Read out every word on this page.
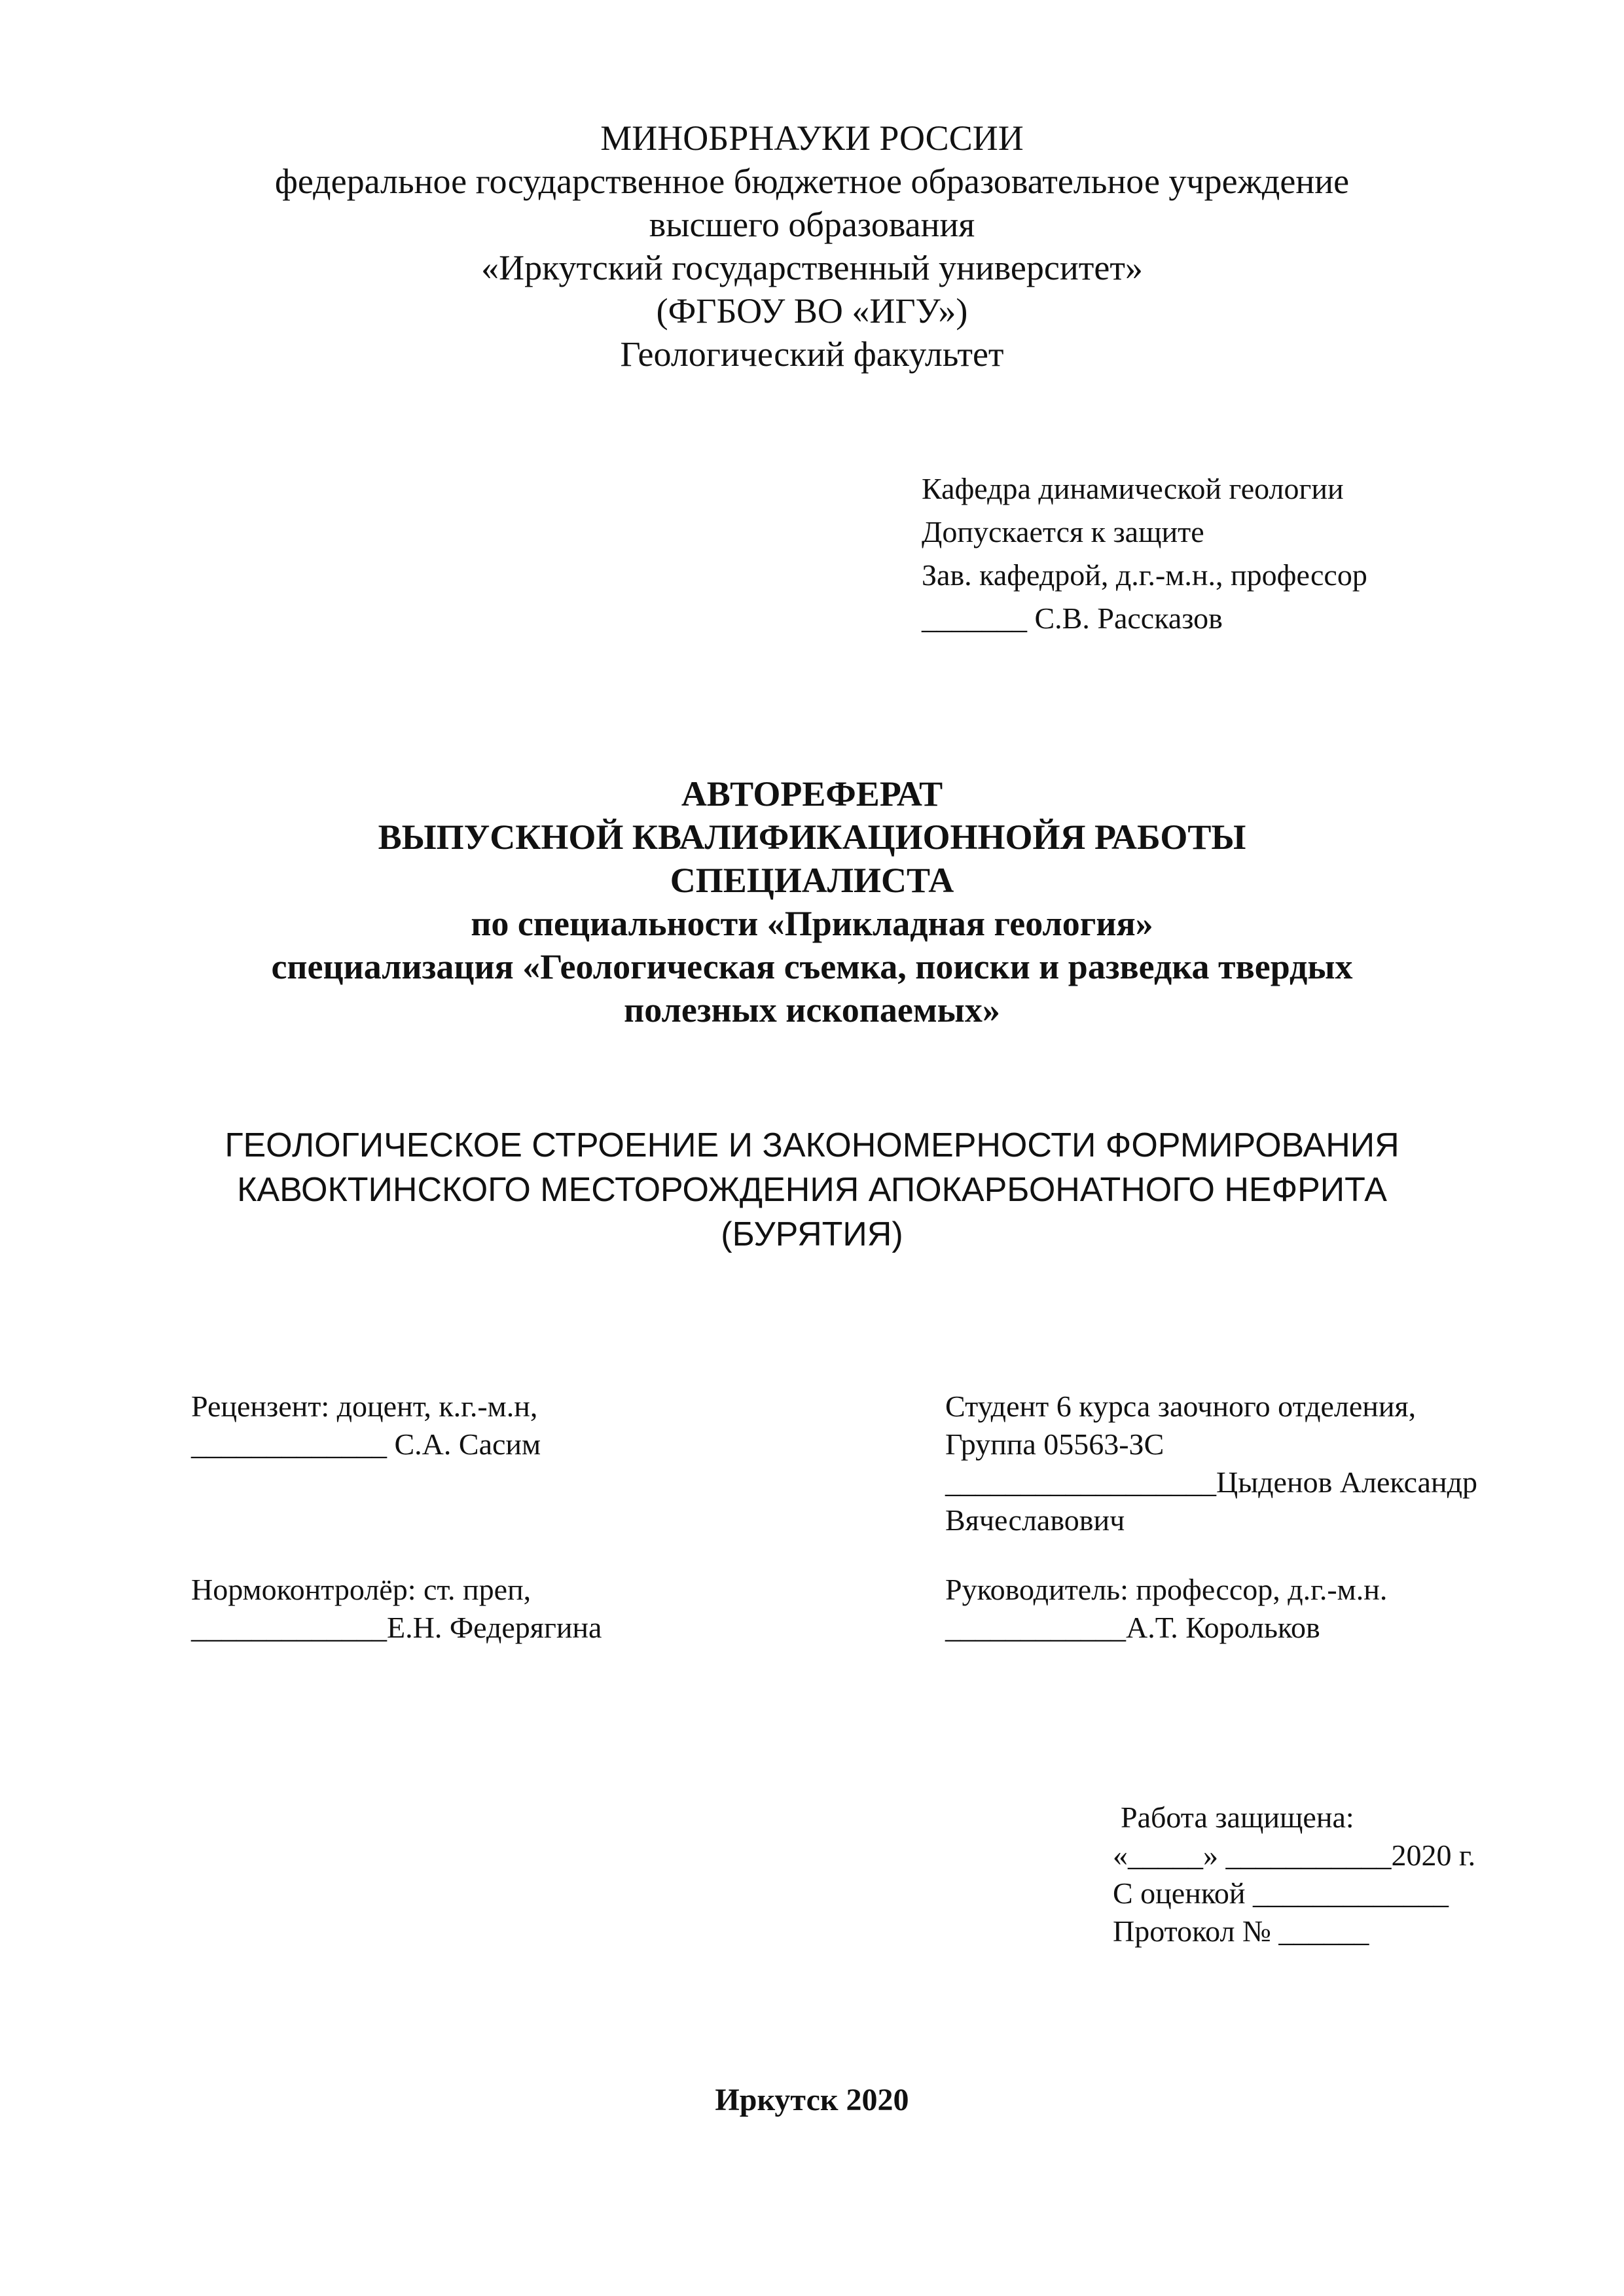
МИНОБРНАУКИ РОССИИ
федеральное государственное бюджетное образовательное учреждение
высшего образования
«Иркутский государственный университет»
(ФГБОУ ВО «ИГУ»)
Геологический факультет
Кафедра динамической геологии
Допускается к защите
Зав. кафедрой, д.г.-м.н., профессор
_______ С.В. Рассказов
АВТОРЕФЕРАТ
ВЫПУСКНОЙ КВАЛИФИКАЦИОННОЙЯ РАБОТЫ
СПЕЦИАЛИСТА
по специальности «Прикладная геология»
специализация «Геологическая съемка, поиски и разведка твердых
полезных ископаемых»
ГЕОЛОГИЧЕСКОЕ СТРОЕНИЕ И ЗАКОНОМЕРНОСТИ ФОРМИРОВАНИЯ
КАВОКТИНСКОГО МЕСТОРОЖДЕНИЯ АПОКАРБОНАТНОГО НЕФРИТА
(БУРЯТИЯ)
Рецензент: доцент, к.г.-м.н,
_____________ С.А. Сасим
Нормоконтролёр: ст. преп,
_____________Е.Н. Федерягина
Студент 6 курса заочного отделения,
Группа 05563-ЗС
__________________Цыденов Александр
Вячеславович
Руководитель: профессор, д.г.-м.н.
____________А.Т. Корольков
Работа защищена:
«_____» ___________2020 г.
С оценкой _____________
Протокол № ______
Иркутск 2020
